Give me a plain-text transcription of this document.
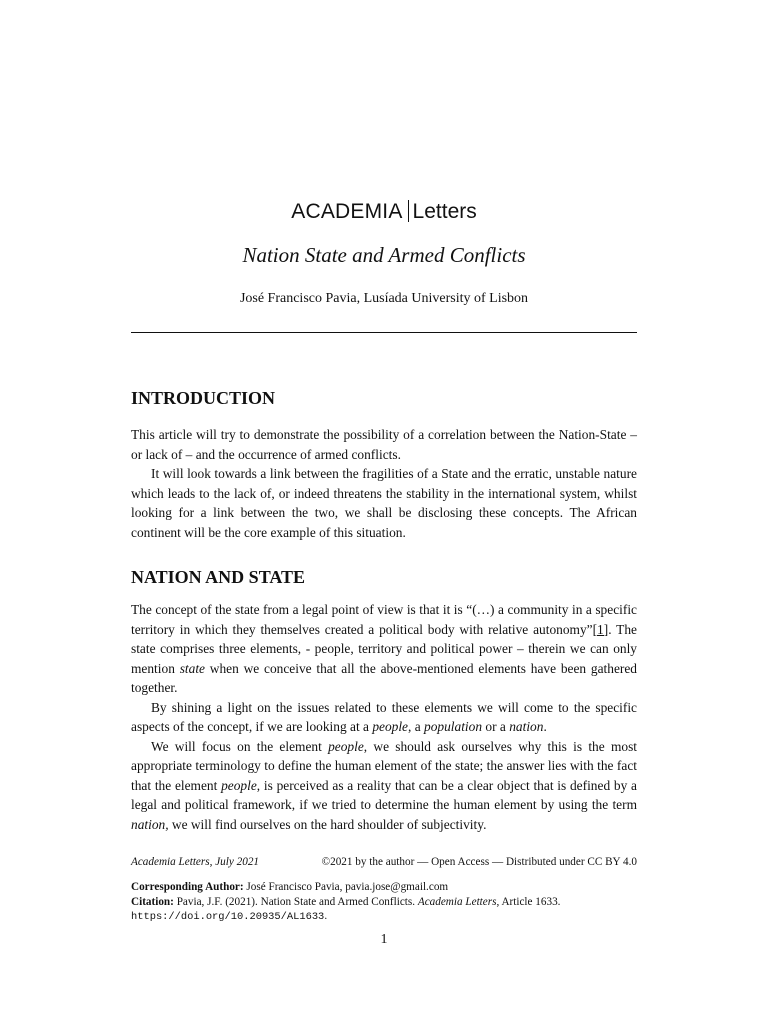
ACADEMIA Letters
Nation State and Armed Conflicts
José Francisco Pavia, Lusíada University of Lisbon
INTRODUCTION

This article will try to demonstrate the possibility of a correlation between the Nation-State – or lack of – and the occurrence of armed conflicts.

It will look towards a link between the fragilities of a State and the erratic, unstable nature which leads to the lack of, or indeed threatens the stability in the international system, whilst looking for a link between the two, we shall be disclosing these concepts. The African continent will be the core example of this situation.

NATION AND STATE

The concept of the state from a legal point of view is that it is “(…) a community in a specific territory in which they themselves created a political body with relative autonomy”[1]. The state comprises three elements, - people, territory and political power – therein we can only mention state when we conceive that all the above-mentioned elements have been gathered together.

By shining a light on the issues related to these elements we will come to the specific aspects of the concept, if we are looking at a people, a population or a nation.

We will focus on the element people, we should ask ourselves why this is the most appropriate terminology to define the human element of the state; the answer lies with the fact that the element people, is perceived as a reality that can be a clear object that is defined by a legal and political framework, if we tried to determine the human element by using the term nation, we will find ourselves on the hard shoulder of subjectivity.

Academia Letters, July 2021	©2021 by the author — Open Access — Distributed under CC BY 4.0
Corresponding Author: José Francisco Pavia, pavia.jose@gmail.com
Citation: Pavia, J.F. (2021). Nation State and Armed Conflicts. Academia Letters, Article 1633.
https://doi.org/10.20935/AL1633.
1
